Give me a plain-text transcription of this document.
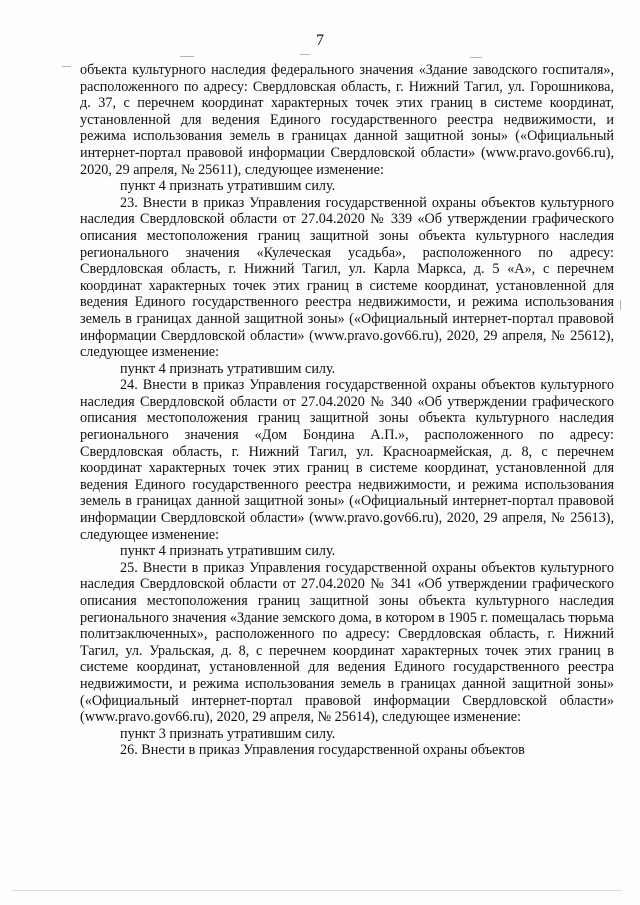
7

объекта культурного наследия федерального значения «Здание заводского госпиталя», расположенного по адресу: Свердловская область, г. Нижний Тагил, ул. Горошникова, д. 37, с перечнем координат характерных точек этих границ в системе координат, установленной для ведения Единого государственного реестра недвижимости, и режима использования земель в границах данной защитной зоны» («Официальный интернет-портал правовой информации Свердловской области» (www.pravo.gov66.ru), 2020, 29 апреля, № 25611), следующее изменение:

пункт 4 признать утратившим силу.

23. Внести в приказ Управления государственной охраны объектов культурного наследия Свердловской области от 27.04.2020 № 339 «Об утверждении графического описания местоположения границ защитной зоны объекта культурного наследия регионального значения «Кулеческая усадьба», расположенного по адресу: Свердловская область, г. Нижний Тагил, ул. Карла Маркса, д. 5 «А», с перечнем координат характерных точек этих границ в системе координат, установленной для ведения Единого государственного реестра недвижимости, и режима использования земель в границах данной защитной зоны» («Официальный интернет-портал правовой информации Свердловской области» (www.pravo.gov66.ru), 2020, 29 апреля, № 25612), следующее изменение:

пункт 4 признать утратившим силу.

24. Внести в приказ Управления государственной охраны объектов культурного наследия Свердловской области от 27.04.2020 № 340 «Об утверждении графического описания местоположения границ защитной зоны объекта культурного наследия регионального значения «Дом Бондина А.П.», расположенного по адресу: Свердловская область, г. Нижний Тагил, ул. Красноармейская, д. 8, с перечнем координат характерных точек этих границ в системе координат, установленной для ведения Единого государственного реестра недвижимости, и режима использования земель в границах данной защитной зоны» («Официальный интернет-портал правовой информации Свердловской области» (www.pravo.gov66.ru), 2020, 29 апреля, № 25613), следующее изменение:

пункт 4 признать утратившим силу.

25. Внести в приказ Управления государственной охраны объектов культурного наследия Свердловской области от 27.04.2020 № 341 «Об утверждении графического описания местоположения границ защитной зоны объекта культурного наследия регионального значения «Здание земского дома, в котором в 1905 г. помещалась тюрьма политзаключенных», расположенного по адресу: Свердловская область, г. Нижний Тагил, ул. Уральская, д. 8, с перечнем координат характерных точек этих границ в системе координат, установленной для ведения Единого государственного реестра недвижимости, и режима использования земель в границах данной защитной зоны» («Официальный интернет-портал правовой информации Свердловской области» (www.pravo.gov66.ru), 2020, 29 апреля, № 25614), следующее изменение:

пункт 3 признать утратившим силу.

26. Внести в приказ Управления государственной охраны объектов
